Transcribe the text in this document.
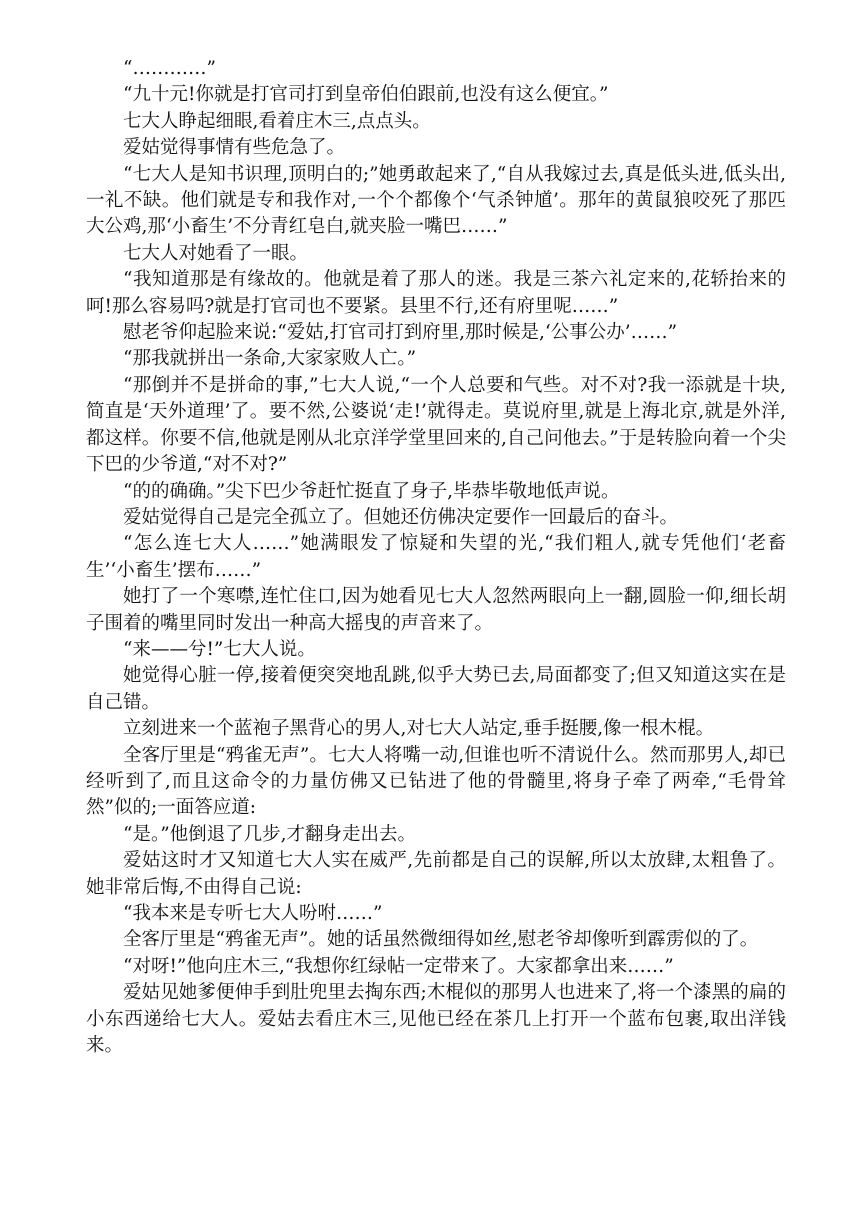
“…………”

“九十元!你就是打官司打到皇帝伯伯跟前,也没有这么便宜。”

七大人睁起细眼,看着庄木三,点点头。

爱姑觉得事情有些危急了。

“七大人是知书识理,顶明白的;”她勇敢起来了,“自从我嫁过去,真是低头进,低头出,一礼不缺。他们就是专和我作对,一个个都像个‘气杀钟馗’。那年的黄鼠狼咬死了那匹大公鸡,那‘小畜生’不分青红皂白,就夹脸一嘴巴……”

七大人对她看了一眼。

“我知道那是有缘故的。他就是着了那人的迷。我是三茶六礼定来的,花轿抬来的呵!那么容易吗?就是打官司也不要紧。县里不行,还有府里呢……”

慰老爷仰起脸来说:“爱姑,打官司打到府里,那时候是,‘公事公办’……”

“那我就拼出一条命,大家家败人亡。”

“那倒并不是拼命的事,”七大人说,“一个人总要和气些。对不对?我一添就是十块,简直是‘天外道理’了。要不然,公婆说‘走!’就得走。莫说府里,就是上海北京,就是外洋,都这样。你要不信,他就是刚从北京洋学堂里回来的,自己问他去。”于是转脸向着一个尖下巴的少爷道,“对不对?”

“的的确确。”尖下巴少爷赶忙挺直了身子,毕恭毕敬地低声说。

爱姑觉得自己是完全孤立了。但她还仿佛决定要作一回最后的奋斗。

“怎么连七大人……”她满眼发了惊疑和失望的光,“我们粗人,就专凭他们‘老畜生’‘小畜生’摆布……”

她打了一个寒噤,连忙住口,因为她看见七大人忽然两眼向上一翻,圆脸一仰,细长胡子围着的嘴里同时发出一种高大摇曳的声音来了。

“来——兮!”七大人说。

她觉得心脏一停,接着便突突地乱跳,似乎大势已去,局面都变了;但又知道这实在是自己错。

立刻进来一个蓝袍子黑背心的男人,对七大人站定,垂手挺腰,像一根木棍。

全客厅里是“鸦雀无声”。七大人将嘴一动,但谁也听不清说什么。然而那男人,却已经听到了,而且这命令的力量仿佛又已钻进了他的骨髓里,将身子牵了两牵,“毛骨耸然”似的;一面答应道:

“是。”他倒退了几步,才翻身走出去。

爱姑这时才又知道七大人实在威严,先前都是自己的误解,所以太放肆,太粗鲁了。她非常后悔,不由得自己说:

“我本来是专听七大人吩咐……”

全客厅里是“鸦雀无声”。她的话虽然微细得如丝,慰老爷却像听到霹雳似的了。

“对呀!”他向庄木三,“我想你红绿帖一定带来了。大家都拿出来……”

爱姑见她爹便伸手到肚兜里去掏东西;木棍似的那男人也进来了,将一个漆黑的扁的小东西递给七大人。爱姑去看庄木三,见他已经在茶几上打开一个蓝布包裹,取出洋钱来。
